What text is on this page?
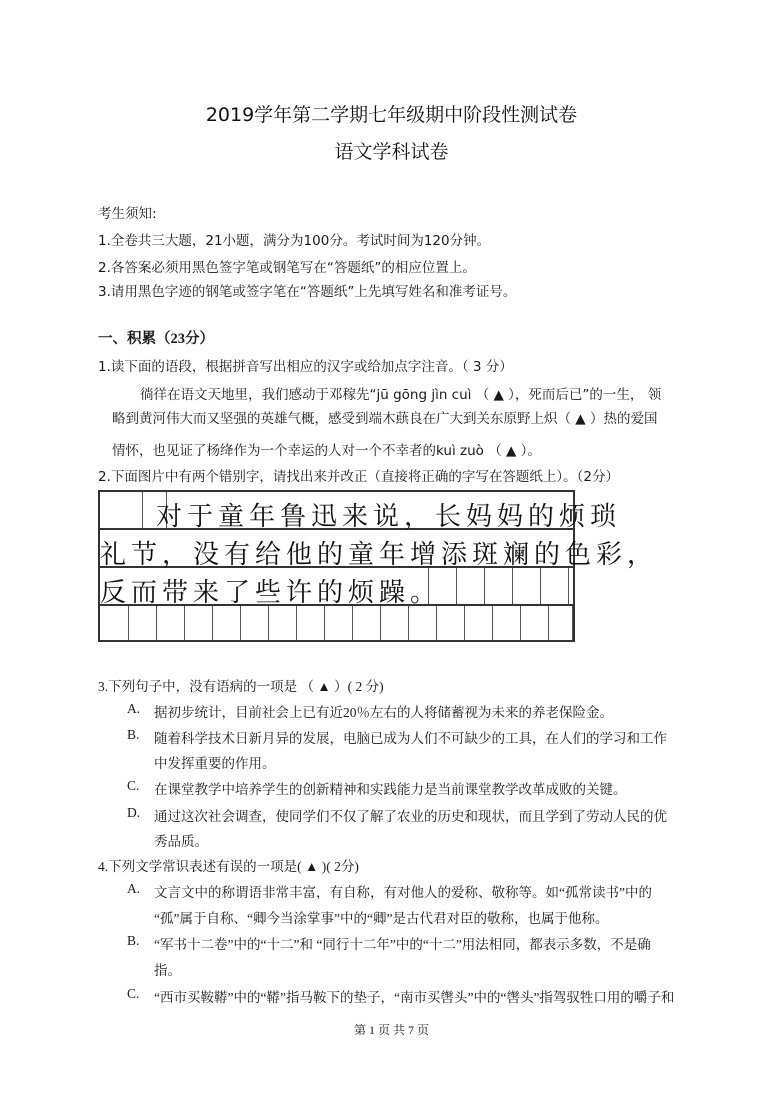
2019学年第二学期七年级期中阶段性测试卷
语文学科试卷
考生须知:
1.全卷共三大题，21小题，满分为100分。考试时间为120分钟。
2.各答案必须用黑色签字笔或钢笔写在“答题纸”的相应位置上。
3.请用黑色字迹的钢笔或签字笔在“答题纸”上先填写姓名和准考证号。
一、积累（23分）
1.读下面的语段，根据拼音写出相应的汉字或给加点字注音。（ 3 分）
徜徉在语文天地里，我们感动于邓稼先“jū gōng jìn cuì （ ▲ ），死而后已”的一生， 领
略到黄河伟大而又坚强的英雄气概，感受到端木蕻良在广大到关东原野上炽（ ▲ ）热的爱国
情怀，也见证了杨绛作为一个幸运的人对一个不幸者的kuì zuò （ ▲ ）。
2.下面图片中有两个错别字，请找出来并改正（直接将正确的字写在答题纸上）。（2分）
对于童年鲁迅来说，长妈妈的烦琐
礼节，没有给他的童年增添斑斓的色彩，
反而带来了些许的烦躁。
3.下列句子中，没有语病的一项是 （ ▲ ）( 2 分)
A. 据初步统计，目前社会上已有近20％左右的人将储蓄视为未来的养老保险金。
B. 随着科学技术日新月异的发展，电脑已成为人们不可缺少的工具，在人们的学习和工作
中发挥重要的作用。
C. 在课堂教学中培养学生的创新精神和实践能力是当前课堂教学改革成败的关键。
D. 通过这次社会调查，使同学们不仅了解了农业的历史和现状，而且学到了劳动人民的优
秀品质。
4.下列文学常识表述有误的一项是( ▲ )( 2分)
A. 文言文中的称谓语非常丰富，有自称，有对他人的爱称、敬称等。如“孤常读书”中的
“孤”属于自称、“卿今当涂掌事”中的“卿”是古代君对臣的敬称，也属于他称。
B. “军书十二卷”中的“十二”和 “同行十二年”中的“十二”用法相同，都表示多数，不是确
指。
C. “西市买鞍鞯”中的“鞯”指马鞍下的垫子，“南市买辔头”中的“辔头”指驾驭牲口用的嚼子和
第 1 页 共 7 页
